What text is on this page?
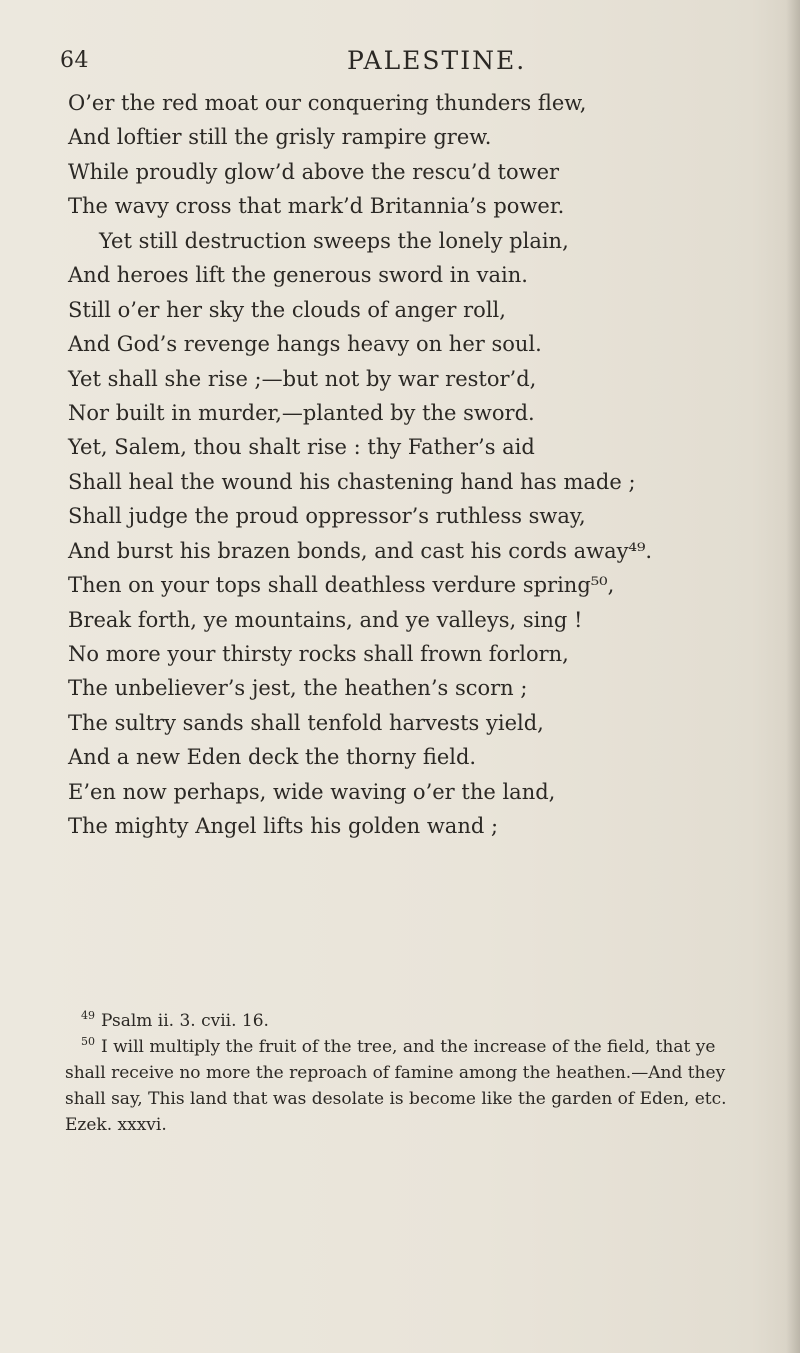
64	PALESTINE.
O’er the red moat our conquering thunders flew,
And loftier still the grisly rampire grew.
While proudly glow’d above the rescu’d tower
The wavy cross that mark’d Britannia’s power.
Yet still destruction sweeps the lonely plain,
And heroes lift the generous sword in vain.
Still o’er her sky the clouds of anger roll,
And God’s revenge hangs heavy on her soul.
Yet shall she rise ;—but not by war restor’d,
Nor built in murder,—planted by the sword.
Yet, Salem, thou shalt rise : thy Father’s aid
Shall heal the wound his chastening hand has made ;
Shall judge the proud oppressor’s ruthless sway,
And burst his brazen bonds, and cast his cords away⁴⁹.
Then on your tops shall deathless verdure spring⁵⁰,
Break forth, ye mountains, and ye valleys, sing !
No more your thirsty rocks shall frown forlorn,
The unbeliever’s jest, the heathen’s scorn ;
The sultry sands shall tenfold harvests yield,
And a new Eden deck the thorny field.
E’en now perhaps, wide waving o’er the land,
The mighty Angel lifts his golden wand ;

$^{49}$ Psalm ii. 3. cvii. 16.

$^{50}$ I will multiply the fruit of the tree, and the increase of the field, that ye shall receive no more the reproach of famine among the heathen.—And they shall say, This land that was desolate is become like the garden of Eden, etc. Ezek. xxxvi.
